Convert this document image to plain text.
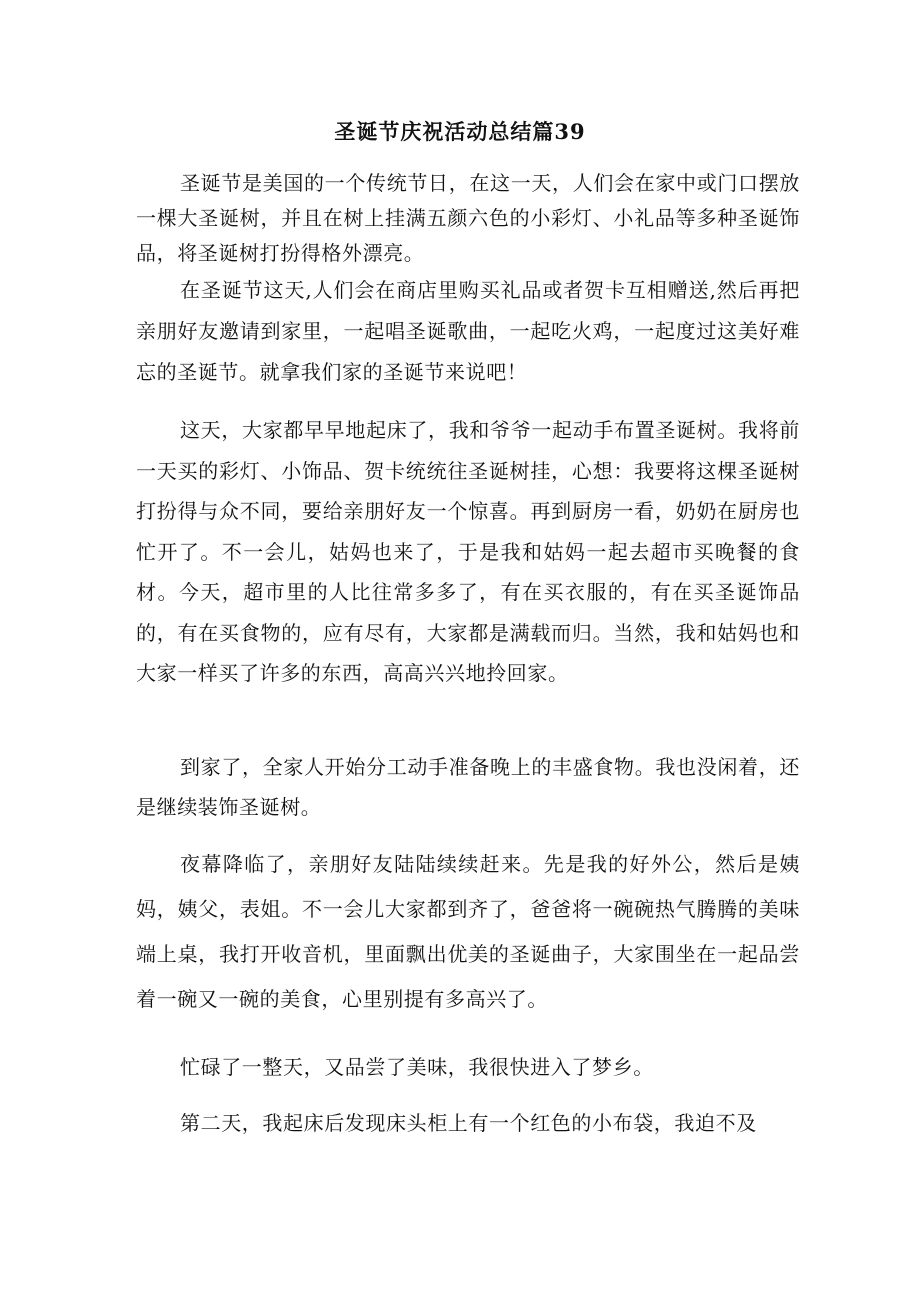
圣诞节庆祝活动总结篇39

圣诞节是美国的一个传统节日，在这一天，人们会在家中或门口摆放一棵大圣诞树，并且在树上挂满五颜六色的小彩灯、小礼品等多种圣诞饰品，将圣诞树打扮得格外漂亮。

在圣诞节这天,人们会在商店里购买礼品或者贺卡互相赠送,然后再把亲朋好友邀请到家里，一起唱圣诞歌曲，一起吃火鸡，一起度过这美好难忘的圣诞节。就拿我们家的圣诞节来说吧！

这天，大家都早早地起床了，我和爷爷一起动手布置圣诞树。我将前一天买的彩灯、小饰品、贺卡统统往圣诞树挂，心想：我要将这棵圣诞树打扮得与众不同，要给亲朋好友一个惊喜。再到厨房一看，奶奶在厨房也忙开了。不一会儿，姑妈也来了，于是我和姑妈一起去超市买晚餐的食材。今天，超市里的人比往常多多了，有在买衣服的，有在买圣诞饰品的，有在买食物的，应有尽有，大家都是满载而归。当然，我和姑妈也和大家一样买了许多的东西，高高兴兴地拎回家。

到家了，全家人开始分工动手准备晚上的丰盛食物。我也没闲着，还是继续装饰圣诞树。

夜幕降临了，亲朋好友陆陆续续赶来。先是我的好外公，然后是姨妈，姨父，表姐。不一会儿大家都到齐了，爸爸将一碗碗热气腾腾的美味端上桌，我打开收音机，里面飘出优美的圣诞曲子，大家围坐在一起品尝着一碗又一碗的美食，心里别提有多高兴了。

忙碌了一整天，又品尝了美味，我很快进入了梦乡。

第二天，我起床后发现床头柜上有一个红色的小布袋，我迫不及
